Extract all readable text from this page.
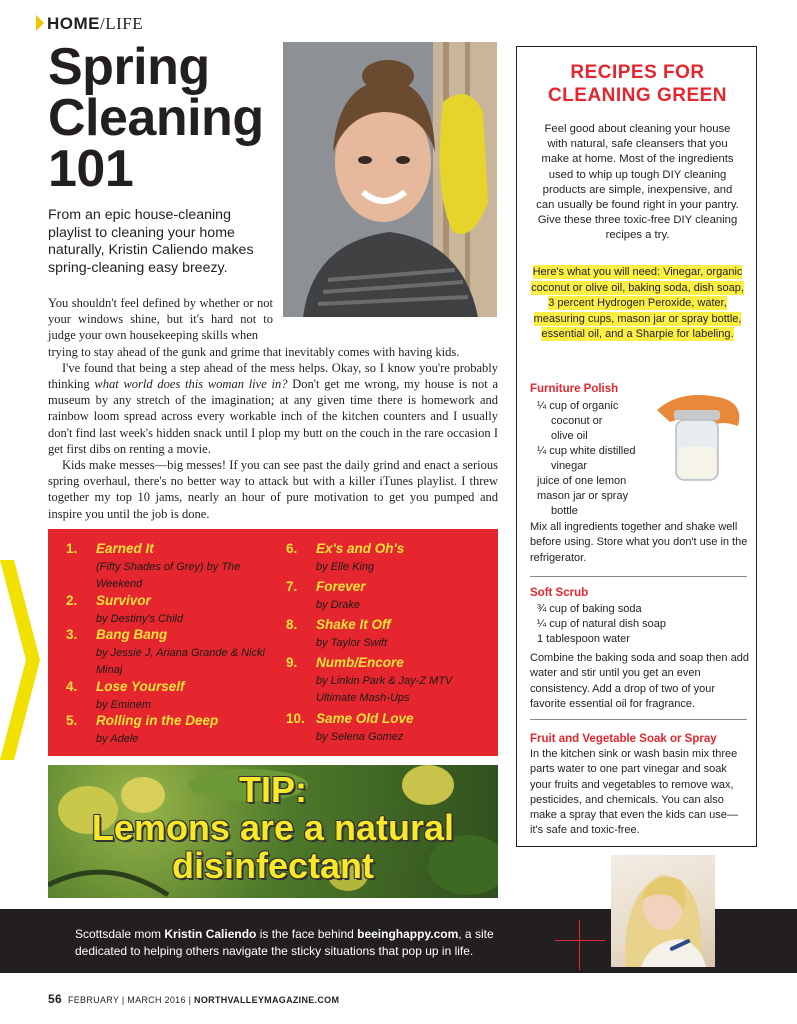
HOME/LIFE
Spring
Cleaning
101
From an epic house-cleaning playlist to cleaning your home naturally, Kristin Caliendo makes spring-cleaning easy breezy.

You shouldn't feel defined by whether or not your windows shine, but it's hard not to judge your own housekeeping skills when

trying to stay ahead of the gunk and grime that inevitably comes with having kids.

I've found that being a step ahead of the mess helps. Okay, so I know you're probably thinking what world does this woman live in? Don't get me wrong, my house is not a museum by any stretch of the imagination; at any given time there is homework and rainbow loom spread across every workable inch of the kitchen counters and I usually don't find last week's hidden snack until I plop my butt on the couch in the rare occasion I get first dibs on renting a movie.

Kids make messes—big messes! If you can see past the daily grind and enact a serious spring overhaul, there's no better way to attack but with a killer iTunes playlist. I threw together my top 10 jams, nearly an hour of pure motivation to get you pumped and inspire you until the job is done.

1. Earned It
(Fifty Shades of Grey) by The Weekend
2. Survivor
by Destiny's Child
3. Bang Bang
by Jessie J, Ariana Grande & Nicki Minaj
4. Lose Yourself
by Eminem
5. Rolling in the Deep
by Adele
6. Ex's and Oh's
by Elle King
7. Forever
by Drake
8. Shake It Off
by Taylor Swift
9. Numb/Encore
by Linkin Park & Jay-Z MTV Ultimate Mash-Ups
10. Same Old Love
by Selena Gomez
TIP:
Lemons are a natural
disinfectant
RECIPES FOR
CLEANING GREEN
Feel good about cleaning your house with natural, safe cleansers that you make at home. Most of the ingredients used to whip up tough DIY cleaning products are simple, inexpensive, and can usually be found right in your pantry. Give these three toxic-free DIY cleaning recipes a try.
Here's what you will need: Vinegar, organic coconut or olive oil, baking soda, dish soap, 3 percent Hydrogen Peroxide, water, measuring cups, mason jar or spray bottle, essential oil, and a Sharpie for labeling.
Furniture Polish
¼ cup of organic
coconut or
olive oil
¼ cup white distilled
vinegar
juice of one lemon
mason jar or spray
bottle
Mix all ingredients together and shake well before using. Store what you don't use in the refrigerator.
Soft Scrub
¾ cup of baking soda
¼ cup of natural dish soap
1 tablespoon water
Combine the baking soda and soap then add water and stir until you get an even consistency. Add a drop of two of your favorite essential oil for fragrance.
Fruit and Vegetable Soak or Spray
In the kitchen sink or wash basin mix three parts water to one part vinegar and soak your fruits and vegetables to remove wax, pesticides, and chemicals. You can also make a spray that even the kids can use—it's safe and toxic-free.
Scottsdale mom Kristin Caliendo is the face behind beeinghappy.com, a site dedicated to helping others navigate the sticky situations that pop up in life.
56 FEBRUARY | MARCH 2016 | NORTHVALLEYMAGAZINE.COM
